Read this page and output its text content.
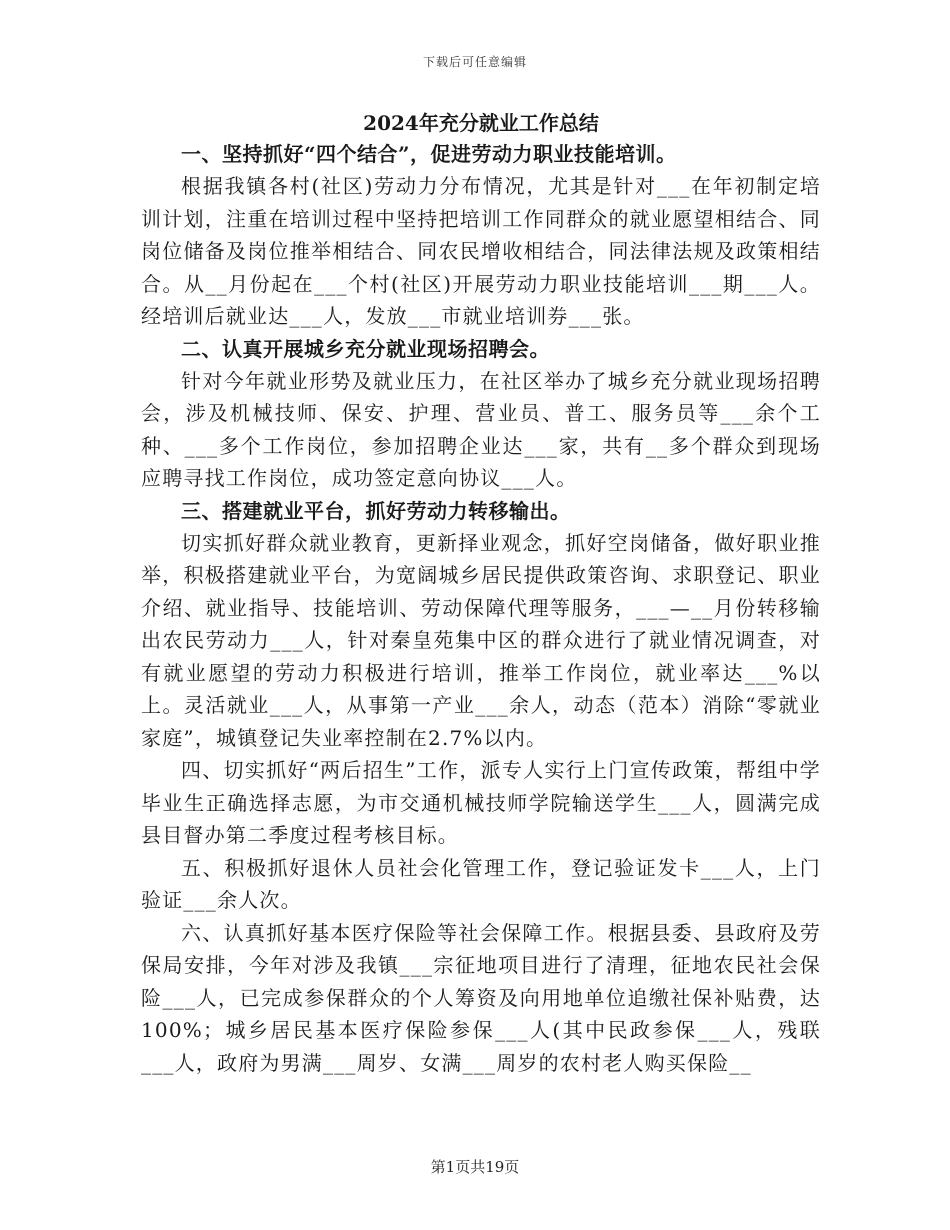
下载后可任意编辑
2024年充分就业工作总结

一、坚持抓好“四个结合”，促进劳动力职业技能培训。

根据我镇各村(社区)劳动力分布情况，尤其是针对___在年初制定培训计划，注重在培训过程中坚持把培训工作同群众的就业愿望相结合、同岗位储备及岗位推举相结合、同农民增收相结合，同法律法规及政策相结合。从__月份起在___个村(社区)开展劳动力职业技能培训___期___人。经培训后就业达___人，发放___市就业培训券___张。

二、认真开展城乡充分就业现场招聘会。

针对今年就业形势及就业压力，在社区举办了城乡充分就业现场招聘会，涉及机械技师、保安、护理、营业员、普工、服务员等___余个工种、___多个工作岗位，参加招聘企业达___家，共有__多个群众到现场应聘寻找工作岗位，成功签定意向协议___人。

三、搭建就业平台，抓好劳动力转移输出。

切实抓好群众就业教育，更新择业观念，抓好空岗储备，做好职业推举，积极搭建就业平台，为宽阔城乡居民提供政策咨询、求职登记、职业介绍、就业指导、技能培训、劳动保障代理等服务，___—__月份转移输出农民劳动力___人，针对秦皇苑集中区的群众进行了就业情况调查，对有就业愿望的劳动力积极进行培训，推举工作岗位，就业率达___%以上。灵活就业___人，从事第一产业___余人，动态（范本）消除“零就业家庭”，城镇登记失业率控制在2.7%以内。

四、切实抓好“两后招生”工作，派专人实行上门宣传政策，帮组中学毕业生正确选择志愿，为市交通机械技师学院输送学生___人，圆满完成县目督办第二季度过程考核目标。

五、积极抓好退休人员社会化管理工作，登记验证发卡___人，上门验证___余人次。

六、认真抓好基本医疗保险等社会保障工作。根据县委、县政府及劳保局安排，今年对涉及我镇___宗征地项目进行了清理，征地农民社会保险___人，已完成参保群众的个人筹资及向用地单位追缴社保补贴费，达100%；城乡居民基本医疗保险参保___人(其中民政参保___人，残联___人，政府为男满___周岁、女满___周岁的农村老人购买保险__

第1页共19页
